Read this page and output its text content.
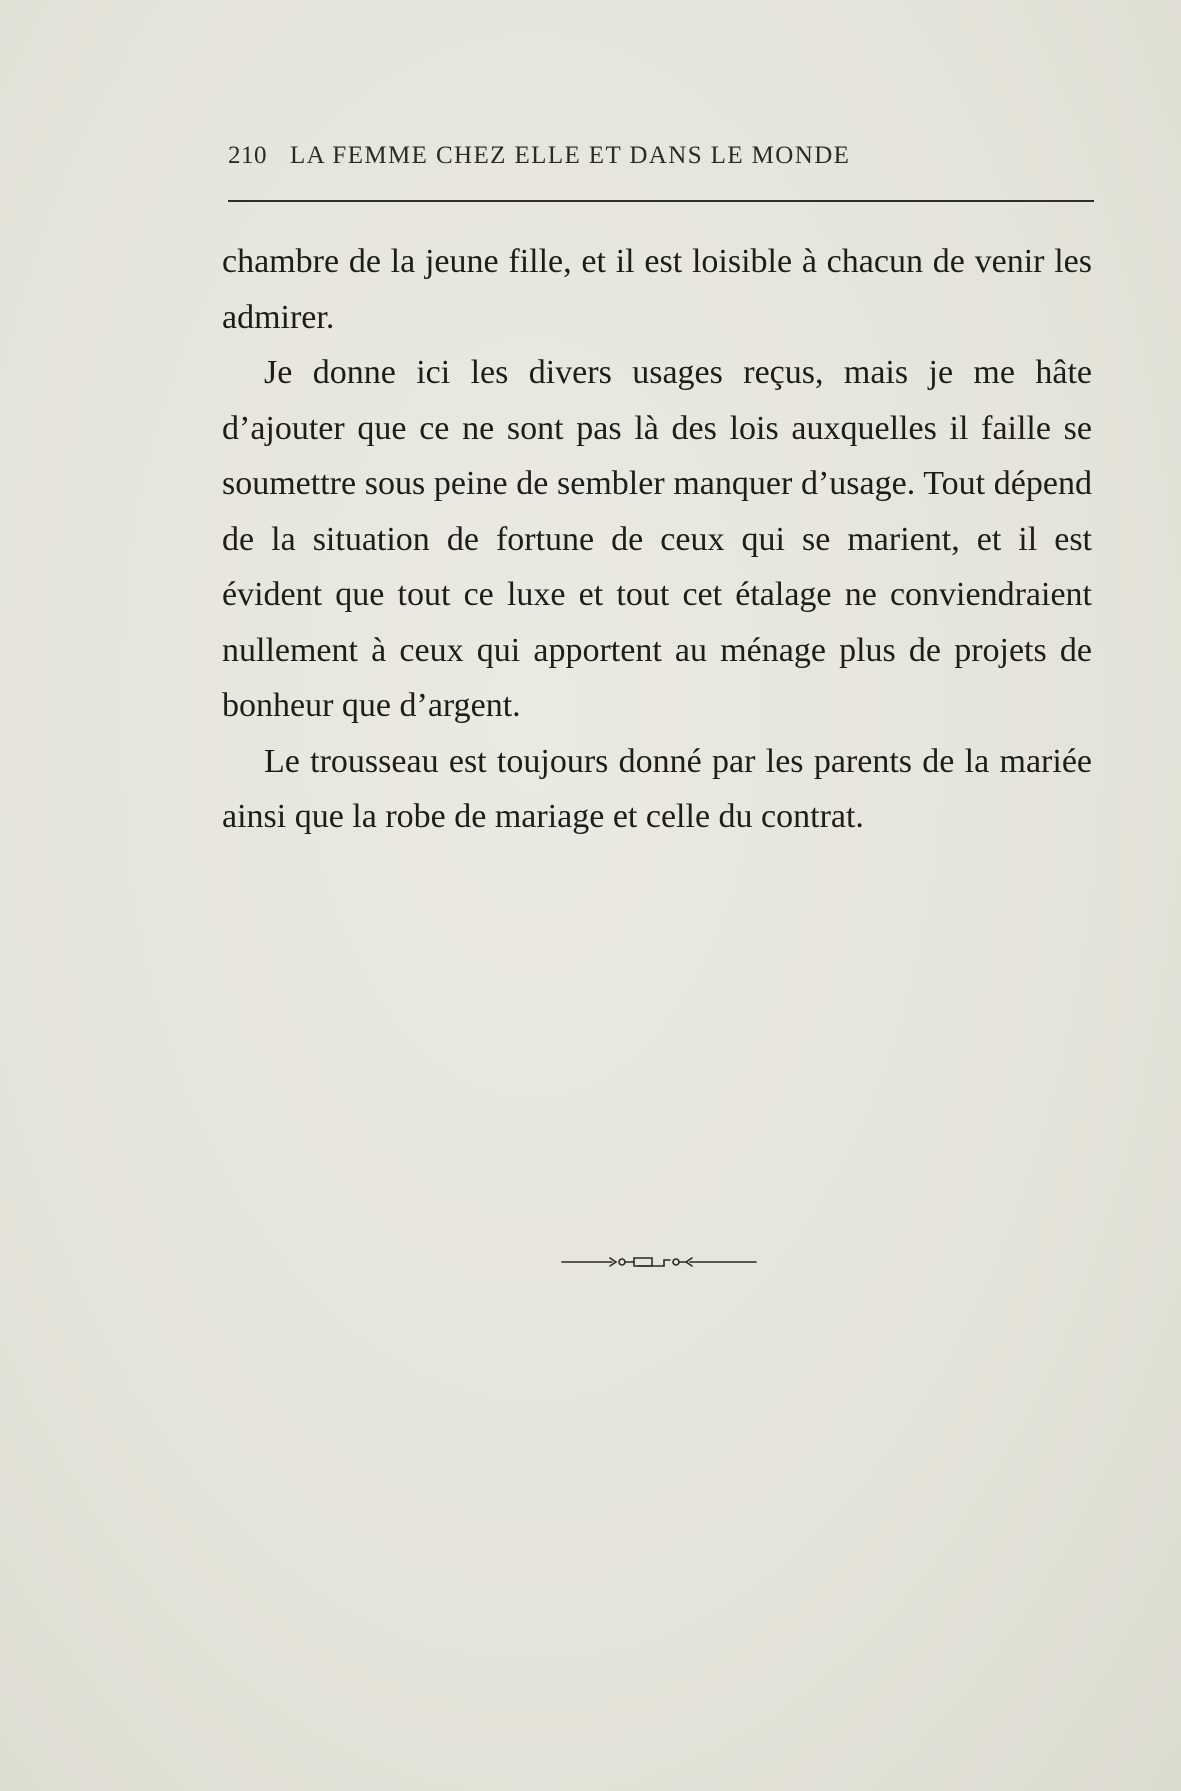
210 LA FEMME CHEZ ELLE ET DANS LE MONDE

chambre de la jeune fille, et il est loisible à chacun de venir les admirer.

Je donne ici les divers usages reçus, mais je me hâte d’ajouter que ce ne sont pas là des lois auxquelles il faille se soumettre sous peine de sembler manquer d’usage. Tout dépend de la situation de fortune de ceux qui se marient, et il est évident que tout ce luxe et tout cet étalage ne conviendraient nullement à ceux qui apportent au ménage plus de projets de bonheur que d’argent.

Le trousseau est toujours donné par les parents de la mariée ainsi que la robe de mariage et celle du contrat.
